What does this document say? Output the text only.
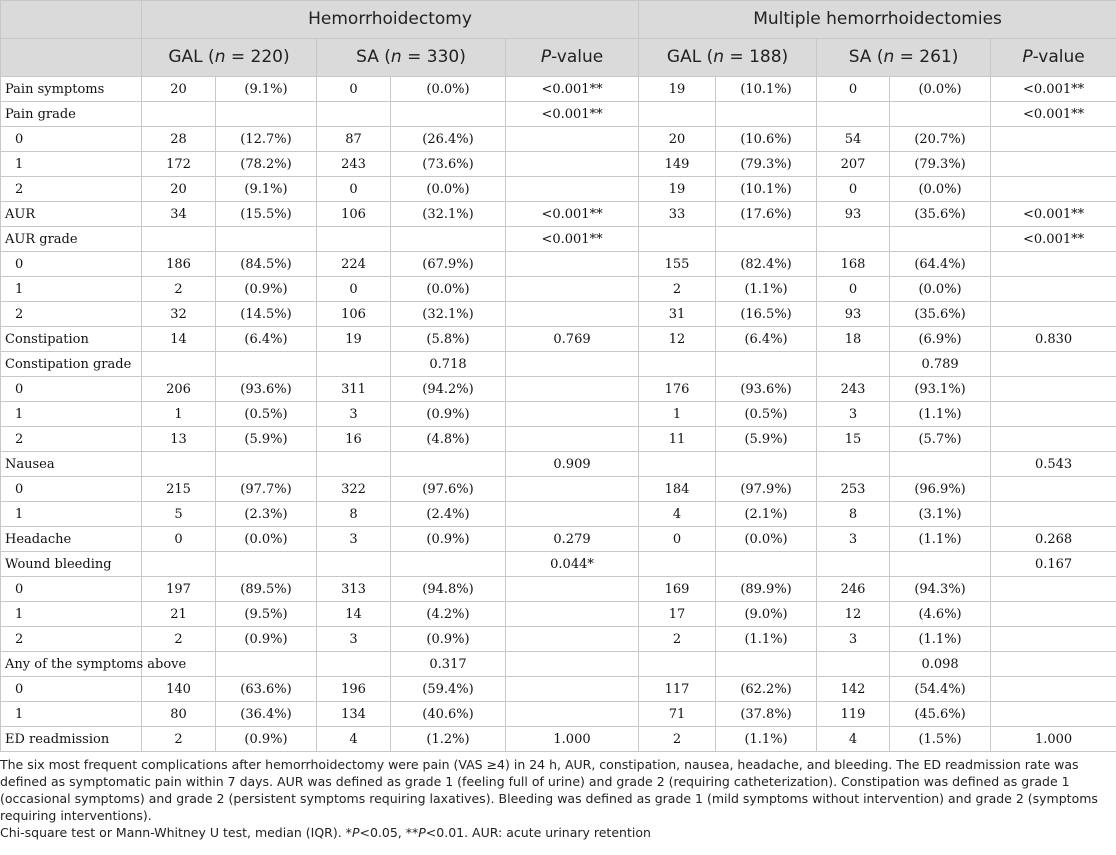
	Hemorrhoidectomy					Multiple hemorrhoidectomies				
	GAL (n = 220)		SA (n = 330)		P-value	GAL (n = 188)		SA (n = 261)		P-value
Pain symptoms	20	(9.1%)	0	(0.0%)	<0.001**	19	(10.1%)	0	(0.0%)	<0.001**
Pain grade					<0.001**					<0.001**
0	28	(12.7%)	87	(26.4%)		20	(10.6%)	54	(20.7%)	
1	172	(78.2%)	243	(73.6%)		149	(79.3%)	207	(79.3%)	
2	20	(9.1%)	0	(0.0%)		19	(10.1%)	0	(0.0%)	
AUR	34	(15.5%)	106	(32.1%)	<0.001**	33	(17.6%)	93	(35.6%)	<0.001**
AUR grade					<0.001**					<0.001**
0	186	(84.5%)	224	(67.9%)		155	(82.4%)	168	(64.4%)	
1	2	(0.9%)	0	(0.0%)		2	(1.1%)	0	(0.0%)	
2	32	(14.5%)	106	(32.1%)		31	(16.5%)	93	(35.6%)	
Constipation	14	(6.4%)	19	(5.8%)	0.769	12	(6.4%)	18	(6.9%)	0.830
Constipation grade				0.718					0.789	
0	206	(93.6%)	311	(94.2%)		176	(93.6%)	243	(93.1%)	
1	1	(0.5%)	3	(0.9%)		1	(0.5%)	3	(1.1%)	
2	13	(5.9%)	16	(4.8%)		11	(5.9%)	15	(5.7%)	
Nausea					0.909					0.543
0	215	(97.7%)	322	(97.6%)		184	(97.9%)	253	(96.9%)	
1	5	(2.3%)	8	(2.4%)		4	(2.1%)	8	(3.1%)	
Headache	0	(0.0%)	3	(0.9%)	0.279	0	(0.0%)	3	(1.1%)	0.268
Wound bleeding					0.044*					0.167
0	197	(89.5%)	313	(94.8%)		169	(89.9%)	246	(94.3%)	
1	21	(9.5%)	14	(4.2%)		17	(9.0%)	12	(4.6%)	
2	2	(0.9%)	3	(0.9%)		2	(1.1%)	3	(1.1%)	
Any of the symptoms above				0.317					0.098	
0	140	(63.6%)	196	(59.4%)		117	(62.2%)	142	(54.4%)	
1	80	(36.4%)	134	(40.6%)		71	(37.8%)	119	(45.6%)	
ED readmission	2	(0.9%)	4	(1.2%)	1.000	2	(1.1%)	4	(1.5%)	1.000

The six most frequent complications after hemorrhoidectomy were pain (VAS ≥4) in 24 h, AUR, constipation, nausea, headache, and bleeding. The ED readmission rate was defined as symptomatic pain within 7 days. AUR was defined as grade 1 (feeling full of urine) and grade 2 (requiring catheterization). Constipation was defined as grade 1 (occasional symptoms) and grade 2 (persistent symptoms requiring laxatives). Bleeding was defined as grade 1 (mild symptoms without intervention) and grade 2 (symptoms requiring interventions).

Chi-square test or Mann-Whitney U test, median (IQR). *P<0.05, **P<0.01. AUR: acute urinary retention
